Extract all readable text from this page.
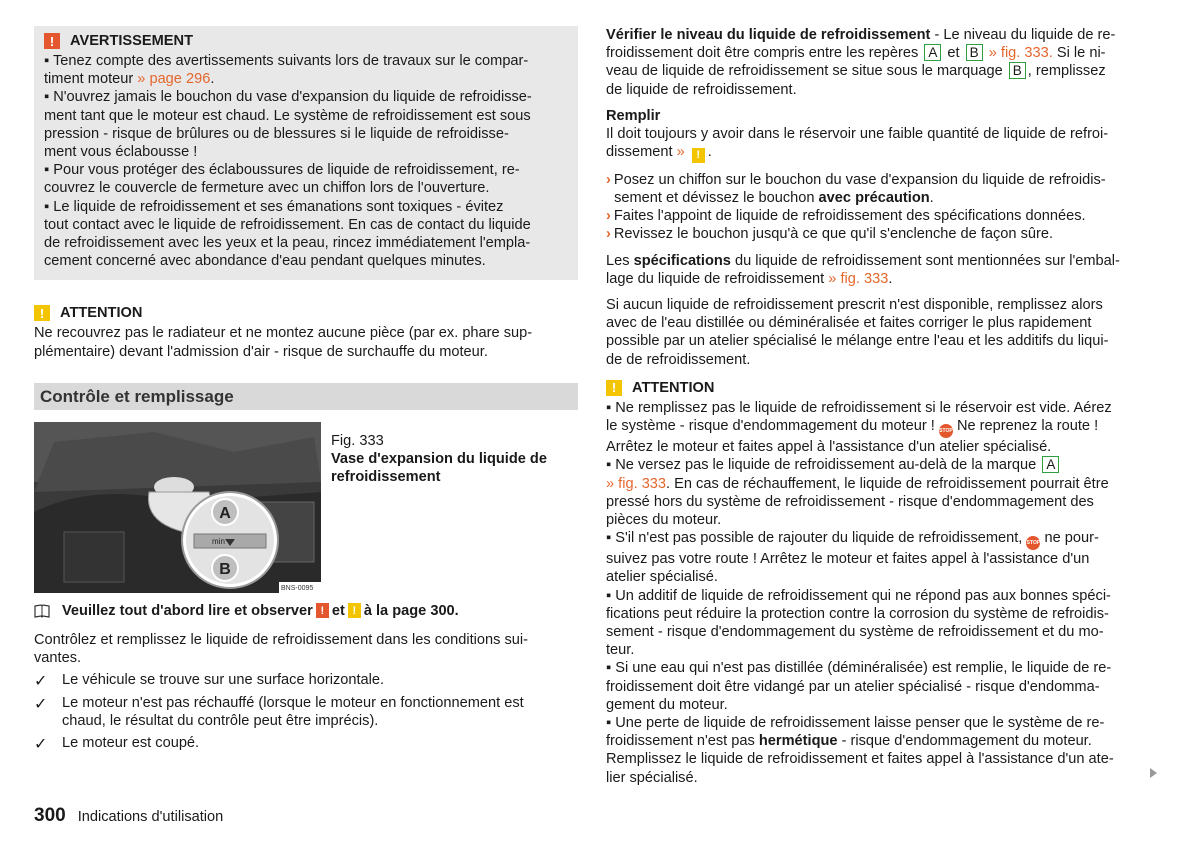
!	AVERTISSEMENT

▪ Tenez compte des avertissements suivants lors de travaux sur le compar-
timent moteur » page 296.

▪ N'ouvrez jamais le bouchon du vase d'expansion du liquide de refroidisse-
ment tant que le moteur est chaud. Le système de refroidissement est sous
pression - risque de brûlures ou de blessures si le liquide de refroidisse-
ment vous éclabousse !

▪ Pour vous protéger des éclaboussures de liquide de refroidissement, re-
couvrez le couvercle de fermeture avec un chiffon lors de l'ouverture.

▪ Le liquide de refroidissement et ses émanations sont toxiques - évitez
tout contact avec le liquide de refroidissement. En cas de contact du liquide
de refroidissement avec les yeux et la peau, rincez immédiatement l'empla-
cement concerné avec abondance d'eau pendant quelques minutes.

!	ATTENTION

Ne recouvrez pas le radiateur et ne montez aucune pièce (par ex. phare sup-
plémentaire) devant l'admission d'air - risque de surchauffe du moteur.

Contrôle et remplissage
A
B
min
BNS-0095

Fig. 333

Vase d'expansion du liquide de
refroidissement

Veuillez tout d'abord lire et observer ! et ! à la page 300.

Contrôlez et remplissez le liquide de refroidissement dans les conditions sui-
vantes.

✓ Le véhicule se trouve sur une surface horizontale.

✓ Le moteur n'est pas réchauffé (lorsque le moteur en fonctionnement est
chaud, le résultat du contrôle peut être imprécis).

✓ Le moteur est coupé.

Vérifier le niveau du liquide de refroidissement - Le niveau du liquide de re-
froidissement doit être compris entre les repères A et B » fig. 333. Si le ni-
veau de liquide de refroidissement se situe sous le marquage B , remplissez
de liquide de refroidissement.

Remplir

Il doit toujours y avoir dans le réservoir une faible quantité de liquide de refroi-
dissement » ! .

› Posez un chiffon sur le bouchon du vase d'expansion du liquide de refroidis-
sement et dévissez le bouchon avec précaution.

› Faites l'appoint de liquide de refroidissement des spécifications données.

› Revissez le bouchon jusqu'à ce que qu'il s'enclenche de façon sûre.

Les spécifications du liquide de refroidissement sont mentionnées sur l'embal-
lage du liquide de refroidissement » fig. 333.

Si aucun liquide de refroidissement prescrit n'est disponible, remplissez alors
avec de l'eau distillée ou déminéralisée et faites corriger le plus rapidement
possible par un atelier spécialisé le mélange entre l'eau et les additifs du liqui-
de de refroidissement.

!	ATTENTION

▪ Ne remplissez pas le liquide de refroidissement si le réservoir est vide. Aérez
le système - risque d'endommagement du moteur ! STOP Ne reprenez la route !
Arrêtez le moteur et faites appel à l'assistance d'un atelier spécialisé.

▪ Ne versez pas le liquide de refroidissement au-delà de la marque A
» fig. 333. En cas de réchauffement, le liquide de refroidissement pourrait être
pressé hors du système de refroidissement - risque d'endommagement des
pièces du moteur.

▪ S'il n'est pas possible de rajouter du liquide de refroidissement, STOP ne pour-
suivez pas votre route ! Arrêtez le moteur et faites appel à l'assistance d'un
atelier spécialisé.

▪ Un additif de liquide de refroidissement qui ne répond pas aux bonnes spéci-
fications peut réduire la protection contre la corrosion du système de refroidis-
sement - risque d'endommagement du système de refroidissement et du mo-
teur.

▪ Si une eau qui n'est pas distillée (déminéralisée) est remplie, le liquide de re-
froidissement doit être vidangé par un atelier spécialisé - risque d'endomma-
gement du moteur.

▪ Une perte de liquide de refroidissement laisse penser que le système de re-
froidissement n'est pas hermétique - risque d'endommagement du moteur.
Remplissez le liquide de refroidissement et faites appel à l'assistance d'un ate-
lier spécialisé.

300 Indications d'utilisation
